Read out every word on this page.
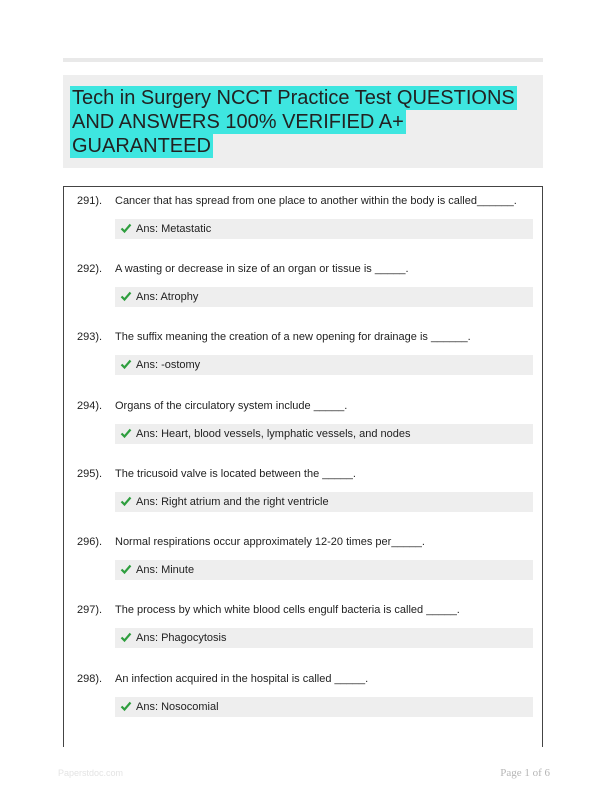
Tech in Surgery NCCT Practice Test QUESTIONS AND ANSWERS 100% VERIFIED A+ GUARANTEED
291). Cancer that has spread from one place to another within the body is called______.
Ans: Metastatic
292). A wasting or decrease in size of an organ or tissue is _____.
Ans: Atrophy
293). The suffix meaning the creation of a new opening for drainage is ______.
Ans: -ostomy
294). Organs of the circulatory system include _____.
Ans: Heart, blood vessels, lymphatic vessels, and nodes
295). The tricusoid valve is located between the _____.
Ans: Right atrium and the right ventricle
296). Normal respirations occur approximately 12-20 times per_____.
Ans: Minute
297). The process by which white blood cells engulf bacteria is called _____.
Ans: Phagocytosis
298). An infection acquired in the hospital is called _____.
Ans: Nosocomial
Paperstdoc.com	Page 1 of 6
